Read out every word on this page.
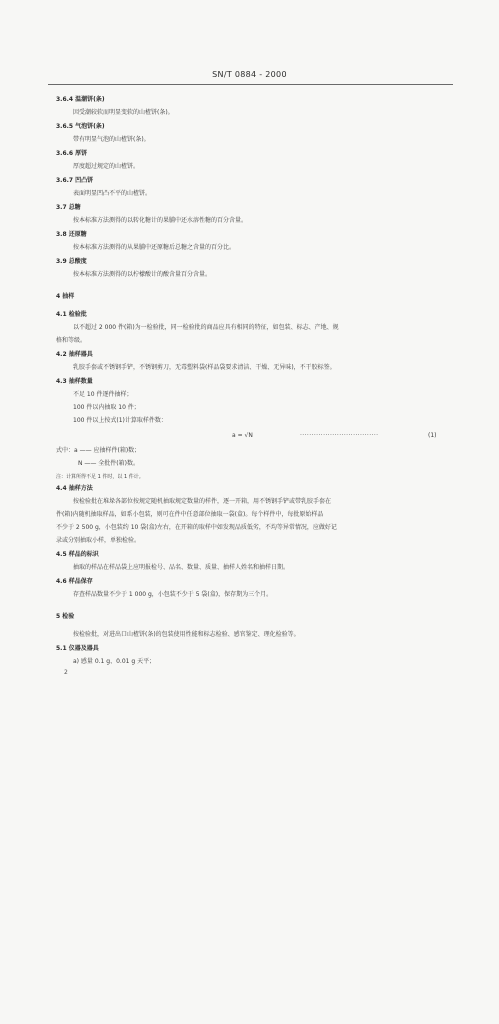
SN/T 0884 - 2000
3.6.4 温潮饼(条)
因受潮较软而明显变软的山楂饼(条)。
3.6.5 气泡饼(条)
带有明显气泡的山楂饼(条)。
3.6.6 厚饼
厚度超过规定的山楂饼。
3.6.7 凹凸饼
表面明显凹凸不平的山楂饼。
3.7 总糖
按本标准方法测得的以转化糖计的果脯中还水溶性糖的百分含量。
3.8 还原糖
按本标准方法测得的从果脯中还原糖后总糖之含量的百分比。
3.9 总酸度
按本标准方法测得的以柠檬酸计的酸含量百分含量。
4 抽样
4.1 检验批
以不超过 2 000 件(箱)为一检验批，同一检验批的商品应具有相同的特征，如包装、标志、产地、规
格和等级。
4.2 抽样器具
乳胶手套或不锈钢手铲，不锈钢剪刀，无毒塑料袋(样品袋要求清洁、干燥、无异味)，不干胶标签。
4.3 抽样数量
不足 10 件逐件抽样；
100 件以内抽取 10 件；
100 件以上按式(1)计算取样件数：
a = √N	··································	(1)
式中：a —— 应抽样件(箱)数；
N —— 全批件(箱)数。
注：计算所得不足 1 件时，以 1 件计。
4.4 抽样方法
按检验批在堆垛各部位按规定随机抽取规定数量的样件，逐一开箱，用不锈钢手铲或带乳胶手套在
件(箱)内随机抽取样品，如系小包装，则可在件中任意部位抽取一袋(盒)。每个样件中，每批原始样品
不少于 2 500 g，小包装约 10 袋(盒)左右，在开箱的取样中如发现品质低劣，不均等异常情况，应做好记
录或分别抽取小样，单独检验。
4.5 样品的标识
抽取的样品在样品袋上应明报检号、品名、数量、质量、抽样人姓名和抽样日期。
4.6 样品保存
存查样品数量不少于 1 000 g，小包装不少于 5 袋(盒)，保存期为三个月。
5 检验
按检验批，对进出口山楂饼(条)的包装使用性能和标志检验、感官鉴定、理化检验等。
5.1 仪器及器具
a) 感量 0.1 g、0.01 g 天平；
2
